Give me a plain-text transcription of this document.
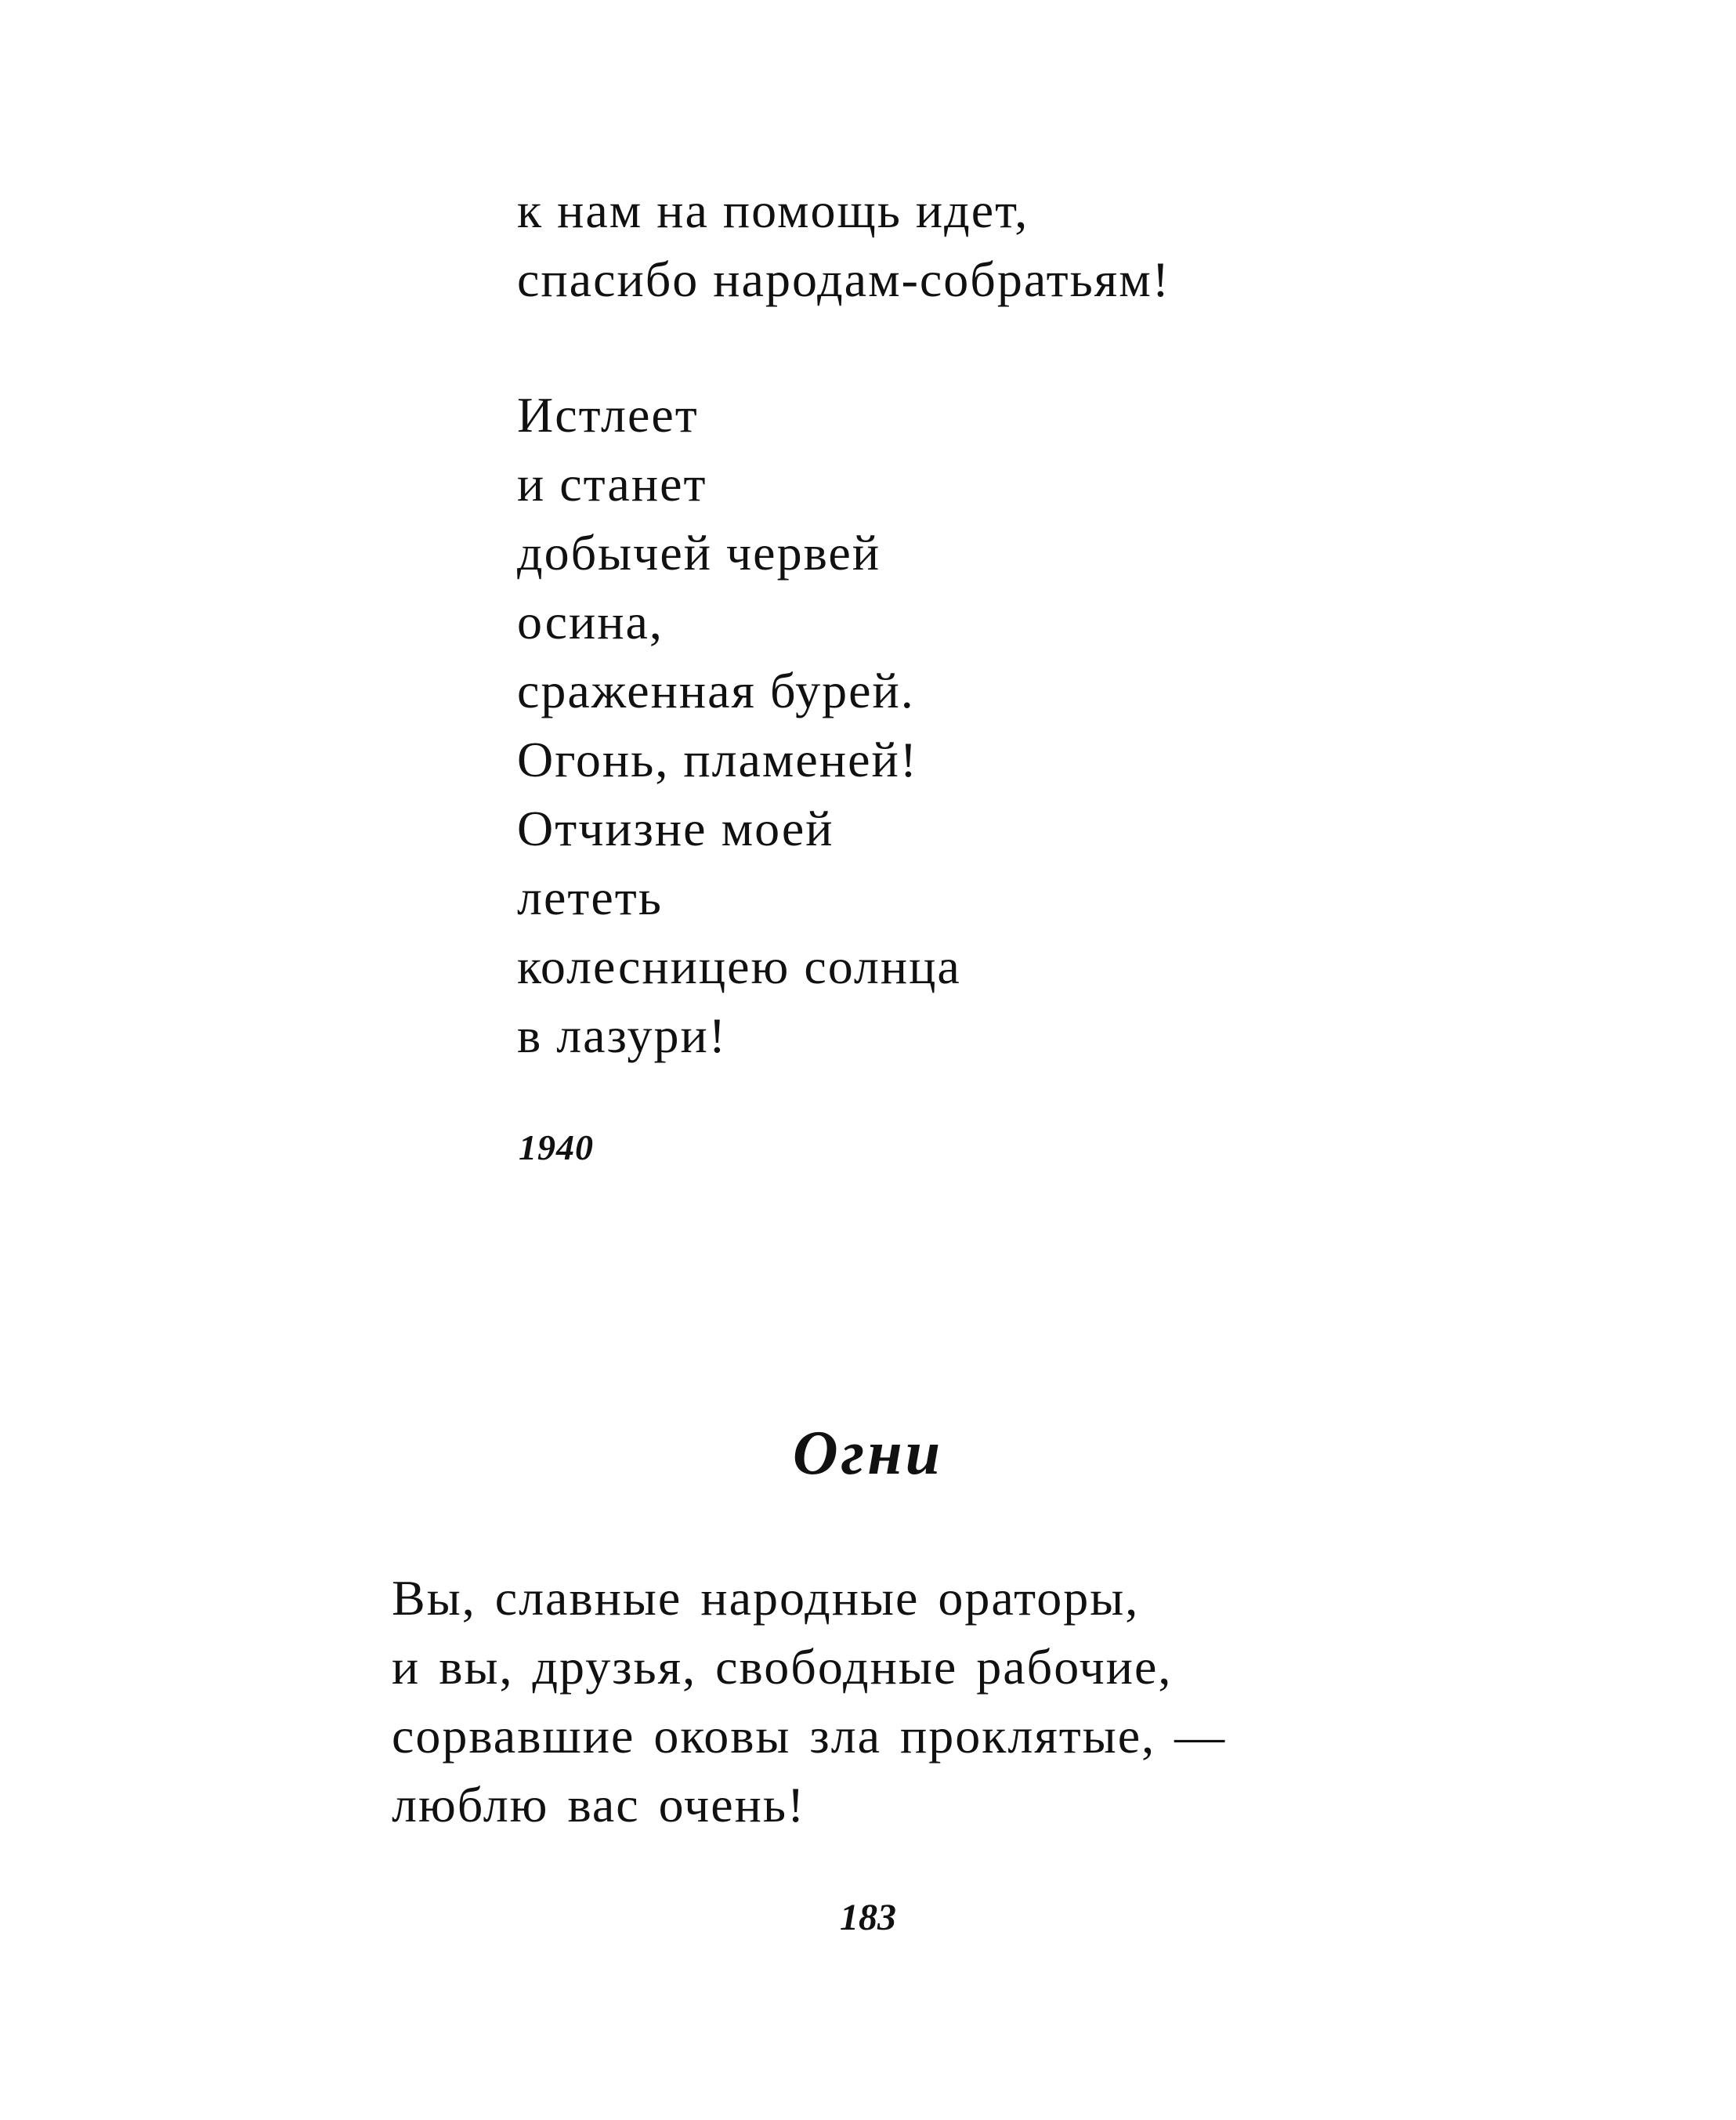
к нам на помощь идет,
спасибо народам-собратьям!
Истлеет
и станет
добычей червей
осина,
сраженная бурей.
Огонь, пламеней!
Отчизне моей
лететь
колесницею солнца
в лазури!
1940
Огни
Вы, славные народные ораторы,
и вы, друзья, свободные рабочие,
сорвавшие оковы зла проклятые, —
люблю вас очень!
183
